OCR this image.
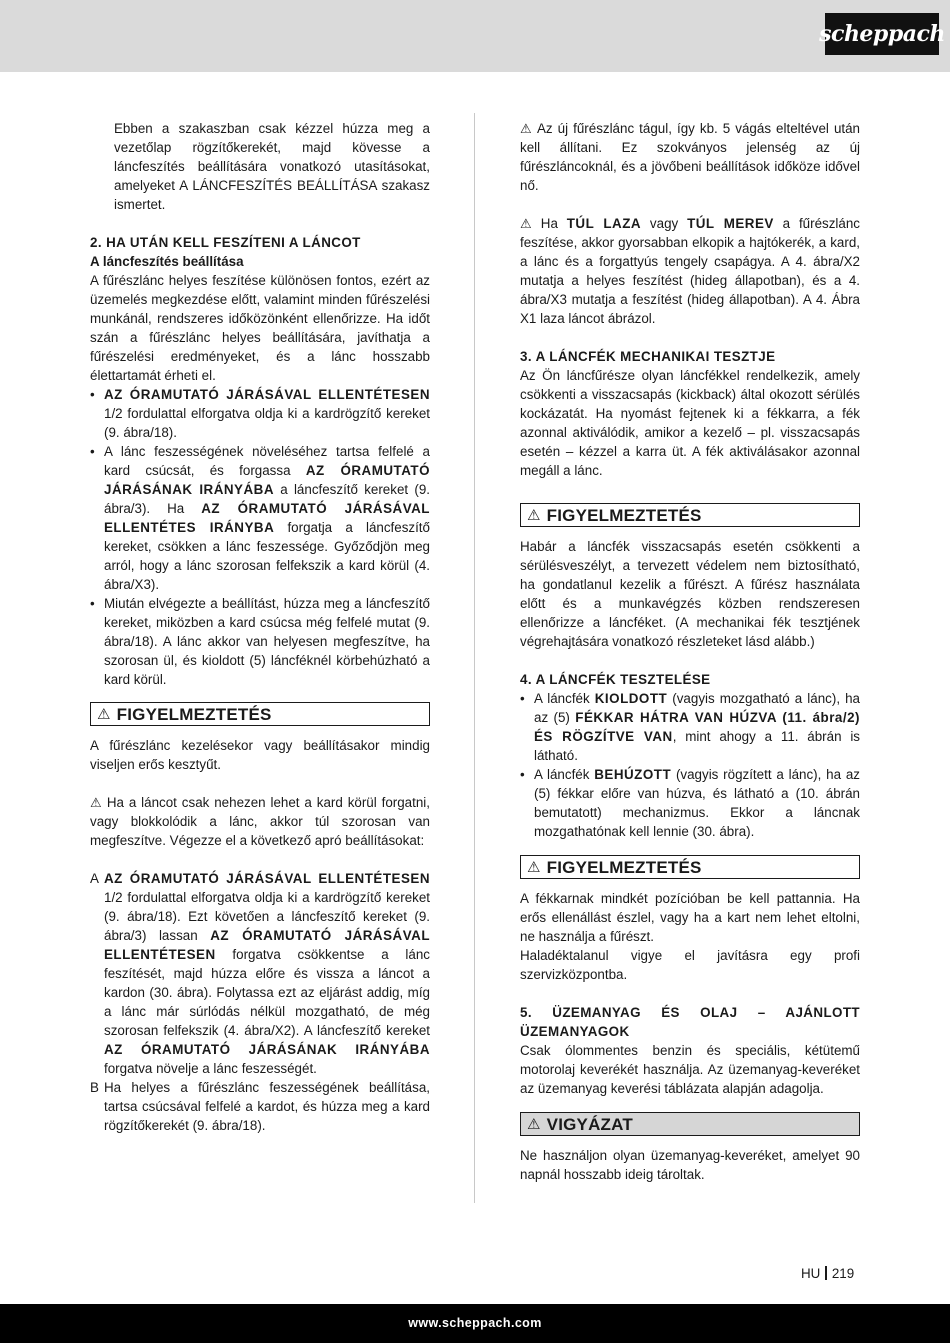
scheppach

Ebben a szakaszban csak kézzel húzza meg a vezetőlap rögzítőkerekét, majd kövesse a láncfeszítés beállítására vonatkozó utasításokat, amelyeket A LÁNCFESZÍTÉS BEÁLLÍTÁSA szakasz ismertet.

2. HA UTÁN KELL FESZÍTENI A LÁNCOT
A láncfeszítés beállítása

A fűrészlánc helyes feszítése különösen fontos, ezért az üzemelés megkezdése előtt, valamint minden fűrészelési munkánál, rendszeres időközönként ellenőrizze. Ha időt szán a fűrészlánc helyes beállítására, javíthatja a fűrészelési eredményeket, és a lánc hosszabb élettartamát érheti el.

• AZ ÓRAMUTATÓ JÁRÁSÁVAL ELLENTÉTESEN 1/2 fordulattal elforgatva oldja ki a kardrögzítő kereket (9. ábra/18).
• A lánc feszességének növeléséhez tartsa felfelé a kard csúcsát, és forgassa AZ ÓRAMUTATÓ JÁRÁSÁNAK IRÁNYÁBA a láncfeszítő kereket (9. ábra/3). Ha AZ ÓRAMUTATÓ JÁRÁSÁVAL ELLENTÉTES IRÁNYBA forgatja a láncfeszítő kereket, csökken a lánc feszessége. Győződjön meg arról, hogy a lánc szorosan felfekszik a kard körül (4. ábra/X3).
• Miután elvégezte a beállítást, húzza meg a láncfeszítő kereket, miközben a kard csúcsa még felfelé mutat (9. ábra/18). A lánc akkor van helyesen megfeszítve, ha szorosan ül, és kioldott (5) láncféknél körbehúzható a kard körül.
⚠ FIGYELMEZTETÉS

A fűrészlánc kezelésekor vagy beállításakor mindig viseljen erős kesztyűt.

⚠ Ha a láncot csak nehezen lehet a kard körül forgatni, vagy blokkolódik a lánc, akkor túl szorosan van megfeszítve. Végezze el a következő apró beállításokat:

A AZ ÓRAMUTATÓ JÁRÁSÁVAL ELLENTÉTESEN 1/2 fordulattal elforgatva oldja ki a kardrögzítő kereket (9. ábra/18). Ezt követően a láncfeszítő kereket (9. ábra/3) lassan AZ ÓRAMUTATÓ JÁRÁSÁVAL ELLENTÉTESEN forgatva csökkentse a lánc feszítését, majd húzza előre és vissza a láncot a kardon (30. ábra). Folytassa ezt az eljárást addig, míg a lánc már súrlódás nélkül mozgatható, de még szorosan felfekszik (4. ábra/X2). A láncfeszítő kereket AZ ÓRAMUTATÓ JÁRÁSÁNAK IRÁNYÁBA forgatva növelje a lánc feszességét.
B Ha helyes a fűrészlánc feszességének beállítása, tartsa csúcsával felfelé a kardot, és húzza meg a kard rögzítőkerekét (9. ábra/18).

⚠ Az új fűrészlánc tágul, így kb. 5 vágás elteltével után kell állítani. Ez szokványos jelenség az új fűrészláncoknál, és a jövőbeni beállítások időköze idővel nő.

⚠ Ha TÚL LAZA vagy TÚL MEREV a fűrészlánc feszítése, akkor gyorsabban elkopik a hajtókerék, a kard, a lánc és a forgattyús tengely csapágya. A 4. ábra/X2 mutatja a helyes feszítést (hideg állapotban), és a 4. ábra/X3 mutatja a feszítést (hideg állapotban). A 4. Ábra X1 laza láncot ábrázol.

3. A LÁNCFÉK MECHANIKAI TESZTJE

Az Ön láncfűrésze olyan láncfékkel rendelkezik, amely csökkenti a visszacsapás (kickback) által okozott sérülés kockázatát. Ha nyomást fejtenek ki a fékkarra, a fék azonnal aktiválódik, amikor a kezelő – pl. visszacsapás esetén – kézzel a karra üt. A fék aktiválásakor azonnal megáll a lánc.

⚠ FIGYELMEZTETÉS

Habár a láncfék visszacsapás esetén csökkenti a sérülésveszélyt, a tervezett védelem nem biztosítható, ha gondatlanul kezelik a fűrészt. A fűrész használata előtt és a munkavégzés közben rendszeresen ellenőrizze a láncféket. (A mechanikai fék tesztjének végrehajtására vonatkozó részleteket lásd alább.)

4. A LÁNCFÉK TESZTELÉSE
• A láncfék KIOLDOTT (vagyis mozgatható a lánc), ha az (5) FÉKKAR HÁTRA VAN HÚZVA (11. ábra/2) ÉS RÖGZÍTVE VAN, mint ahogy a 11. ábrán is látható.
• A láncfék BEHÚZOTT (vagyis rögzített a lánc), ha az (5) fékkar előre van húzva, és látható a (10. ábrán bemutatott) mechanizmus. Ekkor a láncnak mozgathatónak kell lennie (30. ábra).
⚠ FIGYELMEZTETÉS

A fékkarnak mindkét pozícióban be kell pattannia. Ha erős ellenállást észlel, vagy ha a kart nem lehet eltolni, ne használja a fűrészt.

Haladéktalanul vigye el javításra egy profi szervizközpontba.

5. ÜZEMANYAG ÉS OLAJ – AJÁNLOTT ÜZEMANYAGOK

Csak ólommentes benzin és speciális, kétütemű motorolaj keverékét használja. Az üzemanyag-keveréket az üzemanyag keverési táblázata alapján adagolja.

⚠ VIGYÁZAT

Ne használjon olyan üzemanyag-keveréket, amelyet 90 napnál hosszabb ideig tároltak.

HU 219
www.scheppach.com
